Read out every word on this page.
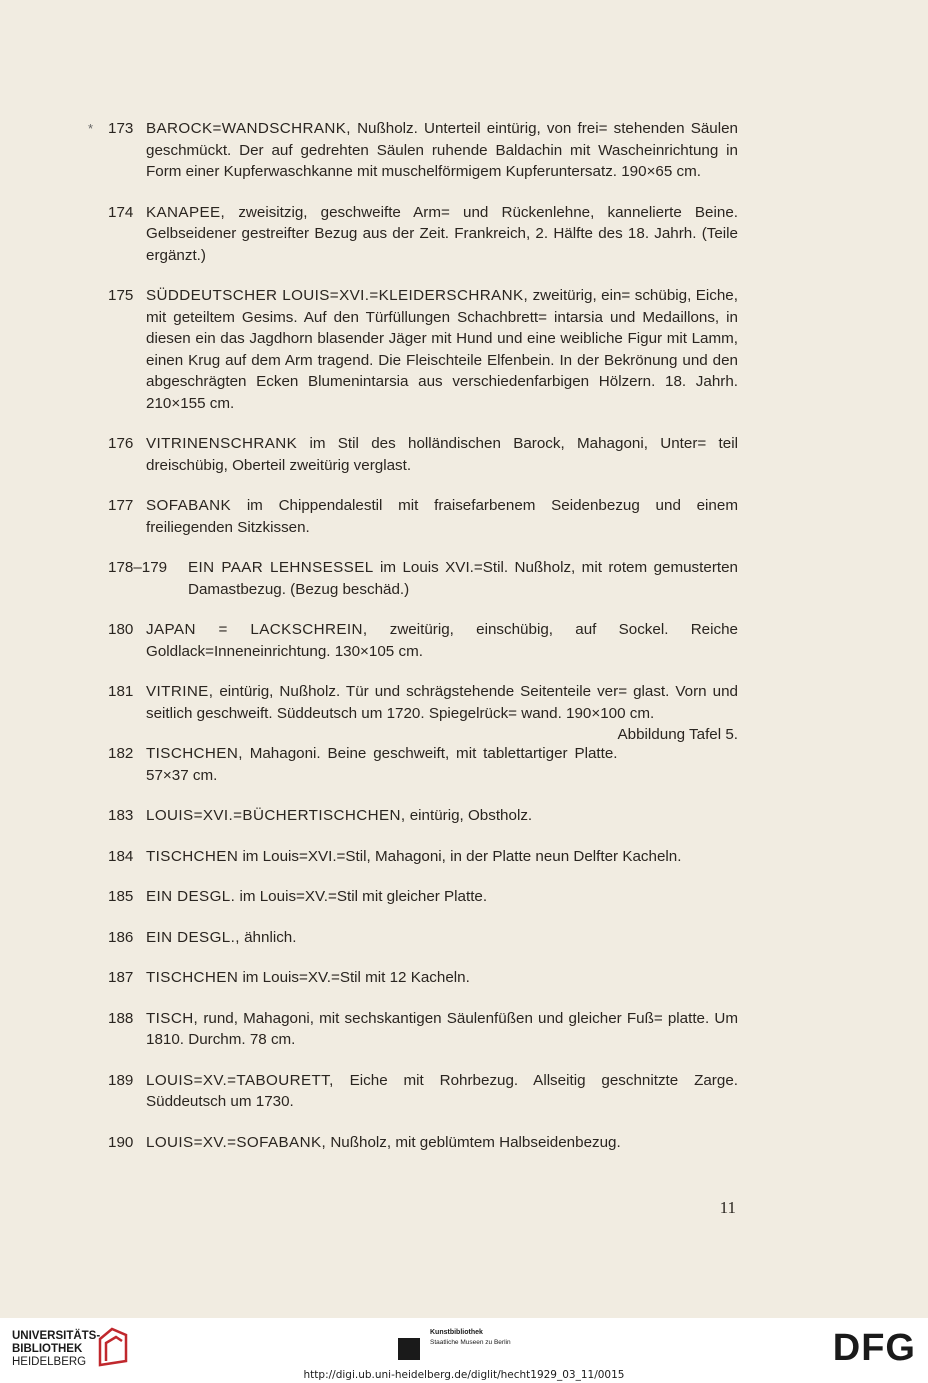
* 173 BAROCK=WANDSCHRANK, Nußholz. Unterteil eintürig, von frei= stehenden Säulen geschmückt. Der auf gedrehten Säulen ruhende Baldachin mit Wascheinrichtung in Form einer Kupferwaschkanne mit muschelförmigem Kupferuntersatz. 190×65 cm.
174 KANAPEE, zweisitzig, geschweifte Arm= und Rückenlehne, kannelierte Beine. Gelbseidener gestreifter Bezug aus der Zeit. Frankreich, 2. Hälfte des 18. Jahrh. (Teile ergänzt.)
175 SÜDDEUTSCHER LOUIS=XVI.=KLEIDERSCHRANK, zweitürig, ein= schübig, Eiche, mit geteiltem Gesims. Auf den Türfüllungen Schachbrett= intarsia und Medaillons, in diesen ein das Jagdhorn blasender Jäger mit Hund und eine weibliche Figur mit Lamm, einen Krug auf dem Arm tragend. Die Fleischteile Elfenbein. In der Bekrönung und den abgeschrägten Ecken Blumenintarsia aus verschiedenfarbigen Hölzern. 18. Jahrh. 210×155 cm.
176 VITRINENSCHRANK im Stil des holländischen Barock, Mahagoni, Unter= teil dreischübig, Oberteil zweitürig verglast.
177 SOFABANK im Chippendalestil mit fraisefarbenem Seidenbezug und einem freiliegenden Sitzkissen.
178–179	EIN PAAR LEHNSESSEL im Louis XVI.=Stil. Nußholz, mit rotem gemusterten Damastbezug. (Bezug beschäd.)
180 JAPAN = LACKSCHREIN, zweitürig, einschübig, auf Sockel. Reiche Goldlack=Inneneinrichtung. 130×105 cm.
181 VITRINE, eintürig, Nußholz. Tür und schrägstehende Seitenteile ver= glast. Vorn und seitlich geschweift. Süddeutsch um 1720. Spiegelrück= wand. 190×100 cm.
Abbildung Tafel 5.
182 TISCHCHEN, Mahagoni. Beine geschweift, mit tablettartiger Platte. 57×37 cm.
183 LOUIS=XVI.=BÜCHERTISCHCHEN, eintürig, Obstholz.
184 TISCHCHEN im Louis=XVI.=Stil, Mahagoni, in der Platte neun Delfter Kacheln.
185 EIN DESGL. im Louis=XV.=Stil mit gleicher Platte.
186 EIN DESGL., ähnlich.
187 TISCHCHEN im Louis=XV.=Stil mit 12 Kacheln.
188 TISCH, rund, Mahagoni, mit sechskantigen Säulenfüßen und gleicher Fuß= platte. Um 1810. Durchm. 78 cm.
189 LOUIS=XV.=TABOURETT, Eiche mit Rohrbezug. Allseitig geschnitzte Zarge. Süddeutsch um 1730.
190 LOUIS=XV.=SOFABANK, Nußholz, mit geblümtem Halbseidenbezug.
11
UNIVERSITÄTS-
BIBLIOTHEK
HEIDELBERG
Kunstbibliothek
Staatliche Museen zu Berlin	DFG
http://digi.ub.uni-heidelberg.de/diglit/hecht1929_03_11/0015
